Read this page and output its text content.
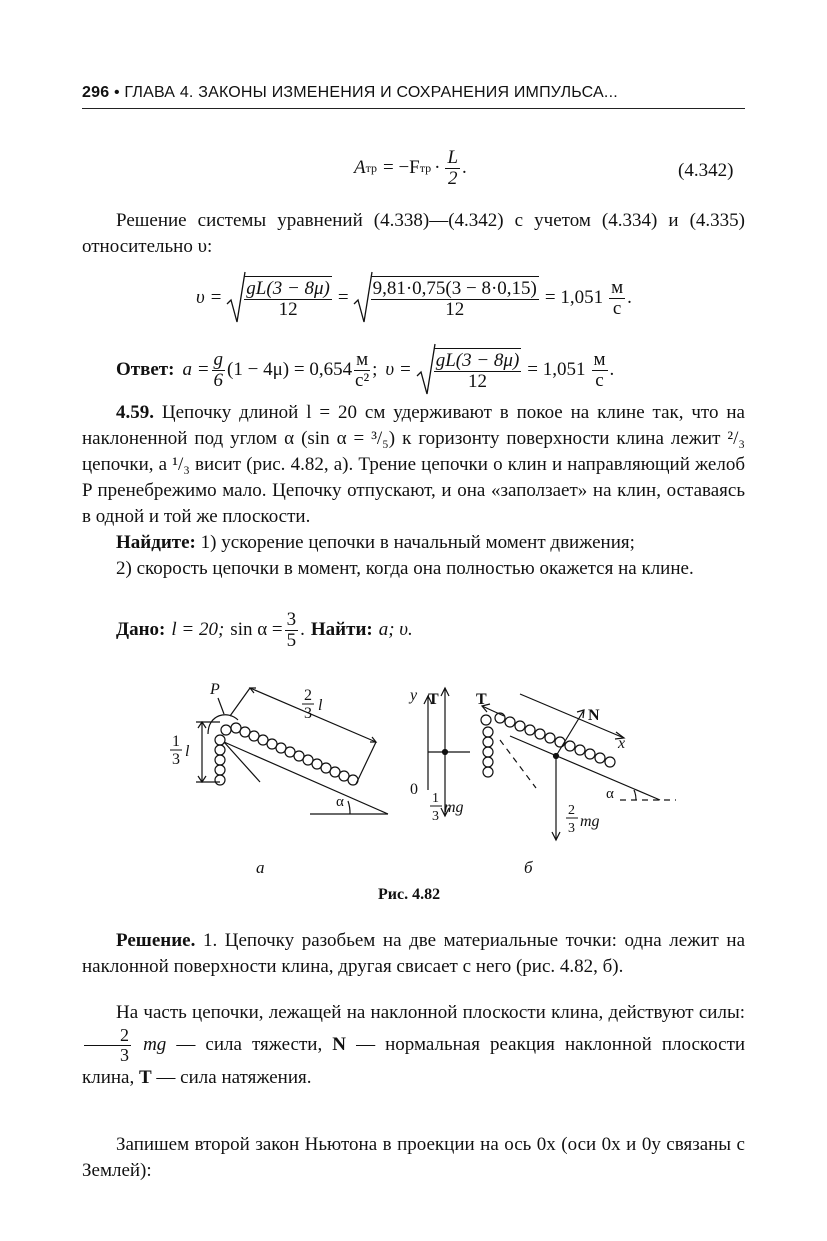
296 • ГЛАВА 4. ЗАКОНЫ ИЗМЕНЕНИЯ И СОХРАНЕНИЯ ИМПУЛЬСА...
A тр = −F тр · $\frac{L}{2}$ .	(4.342)
Решение системы уравнений (4.338)—(4.342) с учетом (4.334) и (4.335) относительно υ:
$\upsilon = \frac{gL(3 - 8\mu)}{12} = \frac{9,81\cdot 0,75(3 - 8\cdot 0,15)}{12} = 1,051 \frac{м}{с}$ .
Ответ: $a = \frac{g}{6} (1 - 4\mu) = 0,654 \frac{м}{\text{с²}}$ ; $\upsilon = \frac{gL(3 - 8\mu)}{12} = 1,051 \frac{м}{с}$ .
4.59. Цепочку длиной l = 20 см удерживают в покое на клине так, что на наклоненной под углом α (sin α = ³/₅) к горизонту поверхности клина лежит ²/₃ цепочки, а ¹/₃ висит (рис. 4.82, а). Трение цепочки о клин и направляющий желоб P пренебрежимо мало. Цепочку отпускают, и она «заползает» на клин, оставаясь в одной и той же плоскости.
Найдите: 1) ускорение цепочки в начальный момент движения;
2) скорость цепочки в момент, когда она полностью окажется на клине.
Дано: l = 20; $\sin \alpha = \frac{3}{5}$ . Найти: a; υ.
P	2
3 l
1
3 l
α
y T T
N
x
0
1
3
mg	2
3 mg
α
а	б
Рис. 4.82
Решение. 1. Цепочку разобьем на две материальные точки: одна лежит на наклонной поверхности клина, другая свисает с него (рис. 4.82, б).
На часть цепочки, лежащей на наклонной плоскости клина, действуют силы:
$\frac{2}{3}$ mg — сила тяжести, N — нормальная реакция наклонной плоскости клина, T — сила натяжения.
Запишем второй закон Ньютона в проекции на ось 0x (оси 0x и 0y связаны с Землей):
